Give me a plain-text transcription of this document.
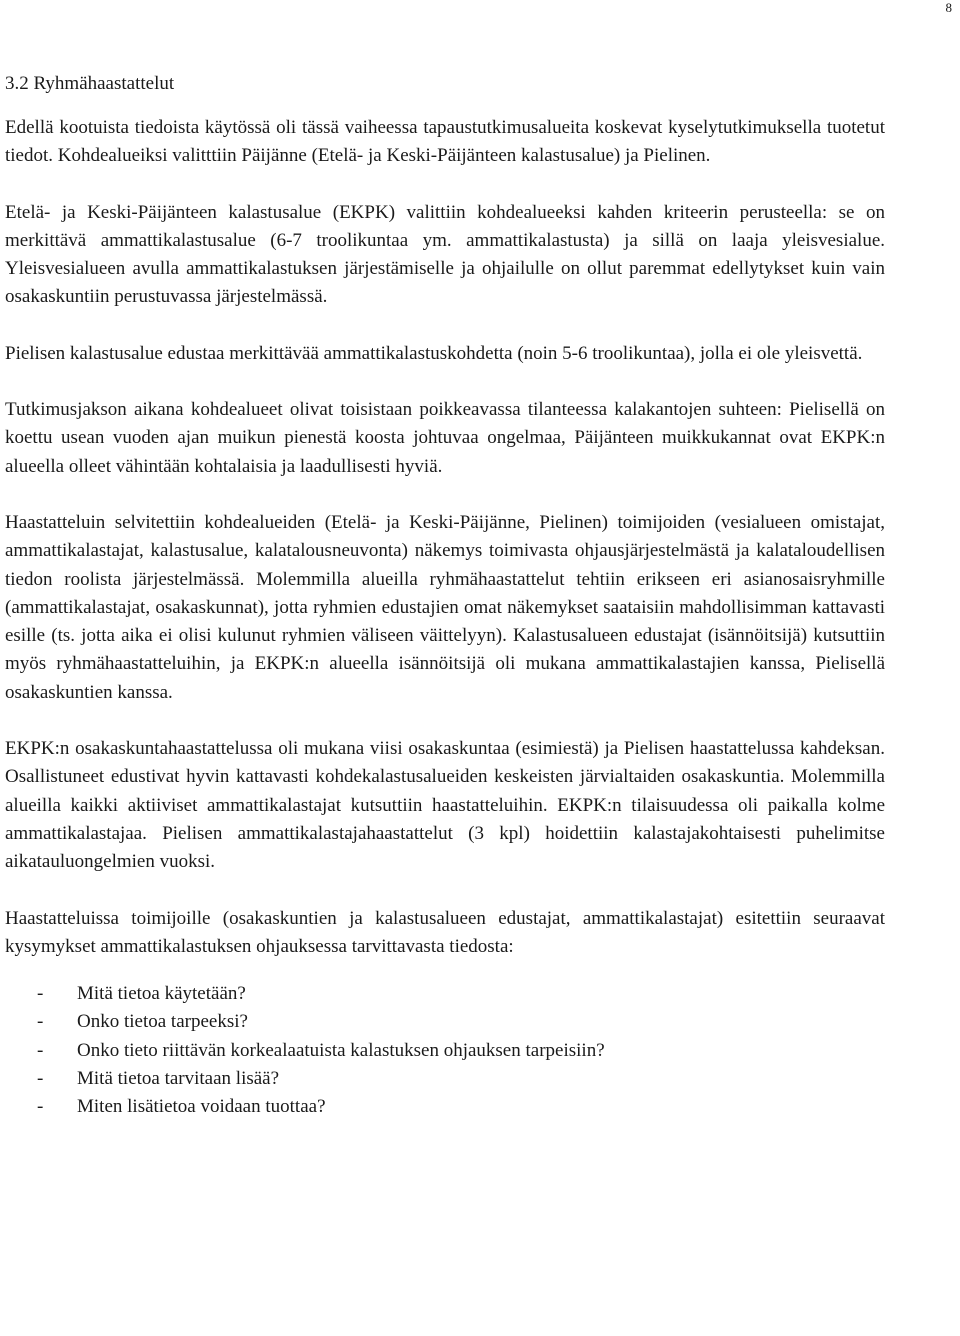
8
3.2 Ryhmähaastattelut

Edellä kootuista tiedoista käytössä oli tässä vaiheessa tapaustutkimusalueita koskevat kyselytutkimuksella tuotetut tiedot. Kohdealueiksi valitttiin Päijänne (Etelä- ja Keski-Päijänteen kalastusalue) ja Pielinen.

Etelä- ja Keski-Päijänteen kalastusalue (EKPK) valittiin kohdealueeksi kahden kriteerin perusteella: se on merkittävä ammattikalastusalue (6-7 troolikuntaa ym. ammattikalastusta) ja sillä on laaja yleisvesialue. Yleisvesialueen avulla ammattikalastuksen järjestämiselle ja ohjailulle on ollut paremmat edellytykset kuin vain osakaskuntiin perustuvassa järjestelmässä.

Pielisen kalastusalue edustaa merkittävää ammattikalastuskohdetta (noin 5-6 troolikuntaa), jolla ei ole yleisvettä.

Tutkimusjakson aikana kohdealueet olivat toisistaan poikkeavassa tilanteessa kalakantojen suhteen: Pielisellä on koettu usean vuoden ajan muikun pienestä koosta johtuvaa ongelmaa, Päijänteen muikkukannat ovat EKPK:n alueella olleet vähintään kohtalaisia ja laadullisesti hyviä.

Haastatteluin selvitettiin kohdealueiden (Etelä- ja Keski-Päijänne, Pielinen) toimijoiden (vesialueen omistajat, ammattikalastajat, kalastusalue, kalatalousneuvonta) näkemys toimivasta ohjausjärjestelmästä ja kalataloudellisen tiedon roolista järjestelmässä. Molemmilla alueilla ryhmähaastattelut tehtiin erikseen eri asianosaisryhmille (ammattikalastajat, osakaskunnat), jotta ryhmien edustajien omat näkemykset saataisiin mahdollisimman kattavasti esille (ts. jotta aika ei olisi kulunut ryhmien väliseen väittelyyn). Kalastusalueen edustajat (isännöitsijä) kutsuttiin myös ryhmähaastatteluihin, ja EKPK:n alueella isännöitsijä oli mukana ammattikalastajien kanssa, Pielisellä osakaskuntien kanssa.

EKPK:n osakaskuntahaastattelussa oli mukana viisi osakaskuntaa (esimiestä) ja Pielisen haastattelussa kahdeksan. Osallistuneet edustivat hyvin kattavasti kohdekalastusalueiden keskeisten järvialtaiden osakaskuntia. Molemmilla alueilla kaikki aktiiviset ammattikalastajat kutsuttiin haastatteluihin. EKPK:n tilaisuudessa oli paikalla kolme ammattikalastajaa. Pielisen ammattikalastajahaastattelut (3 kpl) hoidettiin kalastajakohtaisesti puhelimitse aikatauluongelmien vuoksi.

Haastatteluissa toimijoille (osakaskuntien ja kalastusalueen edustajat, ammattikalastajat) esitettiin seuraavat kysymykset ammattikalastuksen ohjauksessa tarvittavasta tiedosta:

- Mitä tietoa käytetään?
- Onko tietoa tarpeeksi?
- Onko tieto riittävän korkealaatuista kalastuksen ohjauksen tarpeisiin?
- Mitä tietoa tarvitaan lisää?
- Miten lisätietoa voidaan tuottaa?
